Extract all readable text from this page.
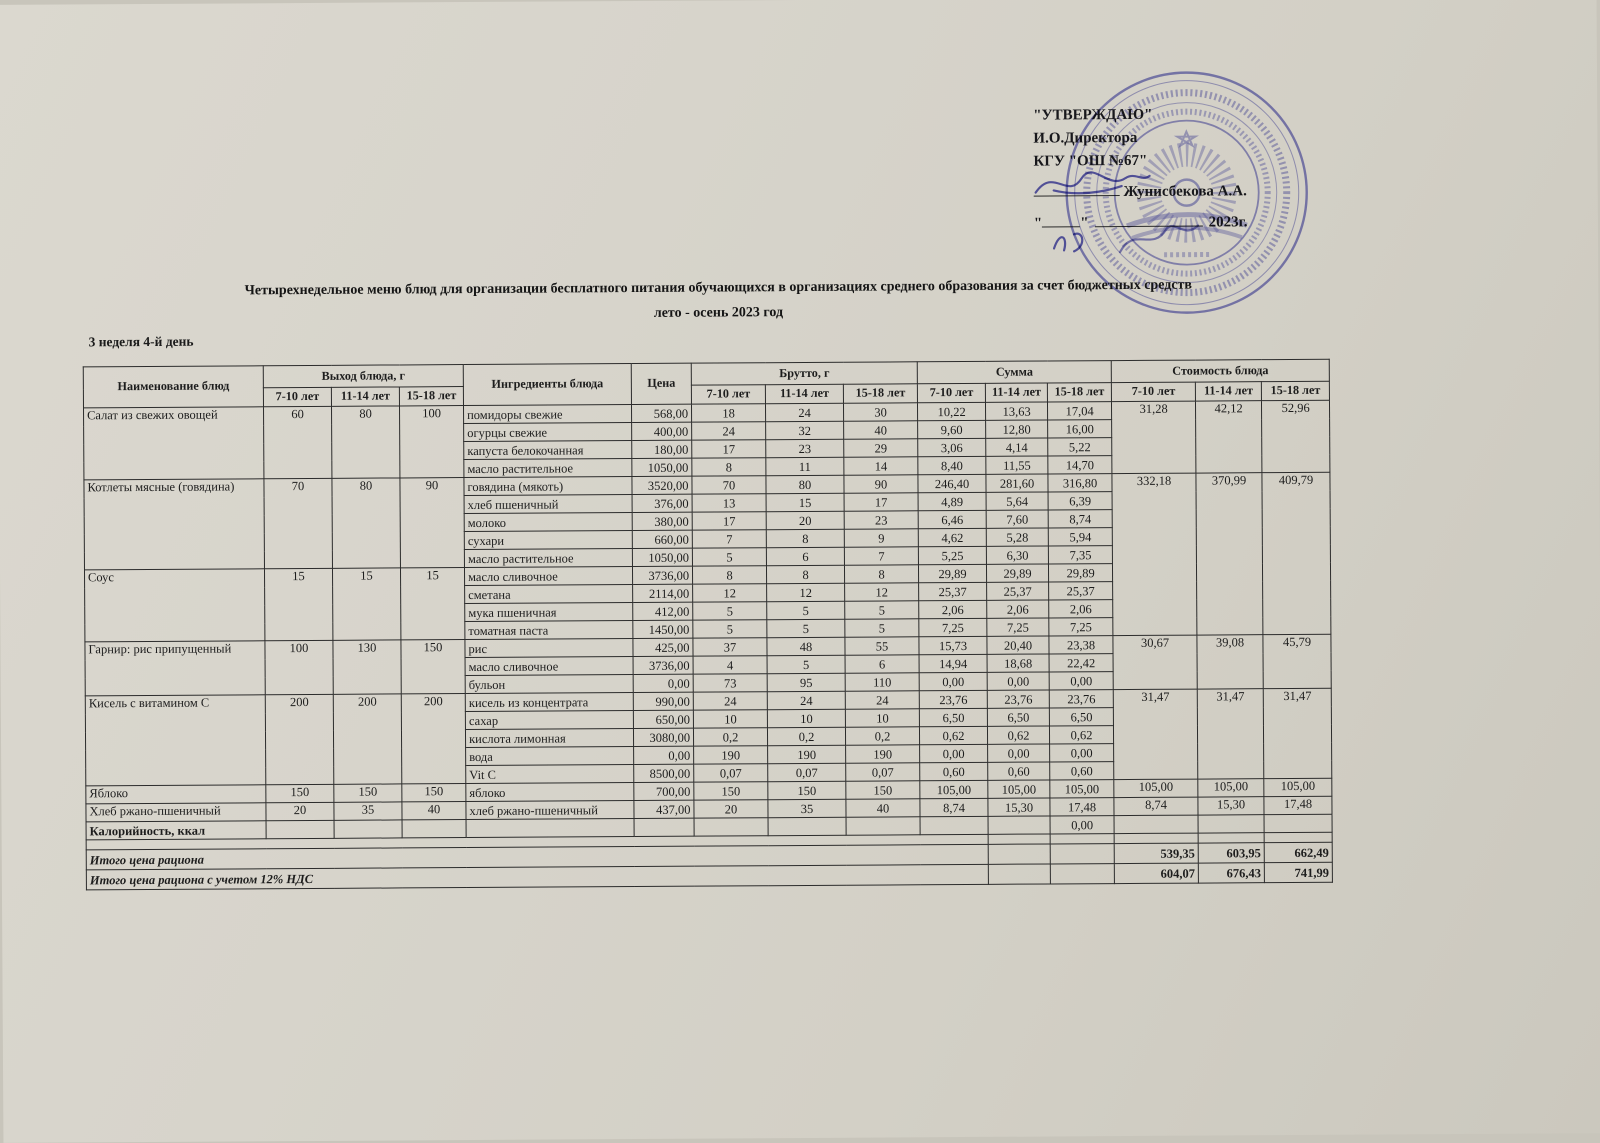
"УТВЕРЖДАЮ"
И.О.Директора
КГУ "ОШ №67"
Жунисбекова А.А.
"	"	2023г.
Четырехнедельное меню блюд для организации бесплатного питания обучающихся в организациях среднего образования за счет бюджетных средств
лето - осень 2023 год
3 неделя 4-й день
Наименование блюд	Выход блюда, г			Ингредиенты блюда	Цена	Брутто, г			Сумма			Стоимость блюда		
	7-10 лет	11-14 лет	15-18 лет			7-10 лет	11-14 лет	15-18 лет	7-10 лет	11-14 лет	15-18 лет	7-10 лет	11-14 лет	15-18 лет
Салат из свежих овощей	60	80	100	помидоры свежие	568,00	18	24	30	10,22	13,63	17,04	31,28	42,12	52,96
				огурцы свежие	400,00	24	32	40	9,60	12,80	16,00			
				капуста белокочанная	180,00	17	23	29	3,06	4,14	5,22			
				масло растительное	1050,00	8	11	14	8,40	11,55	14,70			
Котлеты мясные (говядина)	70	80	90	говядина (мякоть)	3520,00	70	80	90	246,40	281,60	316,80	332,18	370,99	409,79
				хлеб пшеничный	376,00	13	15	17	4,89	5,64	6,39			
				молоко	380,00	17	20	23	6,46	7,60	8,74			
				сухари	660,00	7	8	9	4,62	5,28	5,94			
				масло растительное	1050,00	5	6	7	5,25	6,30	7,35			
Соус	15	15	15	масло сливочное	3736,00	8	8	8	29,89	29,89	29,89			
				сметана	2114,00	12	12	12	25,37	25,37	25,37			
				мука пшеничная	412,00	5	5	5	2,06	2,06	2,06			
				томатная паста	1450,00	5	5	5	7,25	7,25	7,25			
Гарнир: рис припущенный	100	130	150	рис	425,00	37	48	55	15,73	20,40	23,38	30,67	39,08	45,79
				масло сливочное	3736,00	4	5	6	14,94	18,68	22,42			
				бульон	0,00	73	95	110	0,00	0,00	0,00			
Кисель с витамином С	200	200	200	кисель из концентрата	990,00	24	24	24	23,76	23,76	23,76	31,47	31,47	31,47
				сахар	650,00	10	10	10	6,50	6,50	6,50			
				кислота лимонная	3080,00	0,2	0,2	0,2	0,62	0,62	0,62			
				вода	0,00	190	190	190	0,00	0,00	0,00			
				Vit C	8500,00	0,07	0,07	0,07	0,60	0,60	0,60			
Яблоко	150	150	150	яблоко	700,00	150	150	150	105,00	105,00	105,00	105,00	105,00	105,00
Хлеб ржано-пшеничный	20	35	40	хлеб ржано-пшеничный	437,00	20	35	40	8,74	15,30	17,48	8,74	15,30	17,48
Калорийность, ккал											0,00			

Итого цена рациона												539,35	603,95	662,49
Итого цена рациона с учетом 12% НДС												604,07	676,43	741,99
